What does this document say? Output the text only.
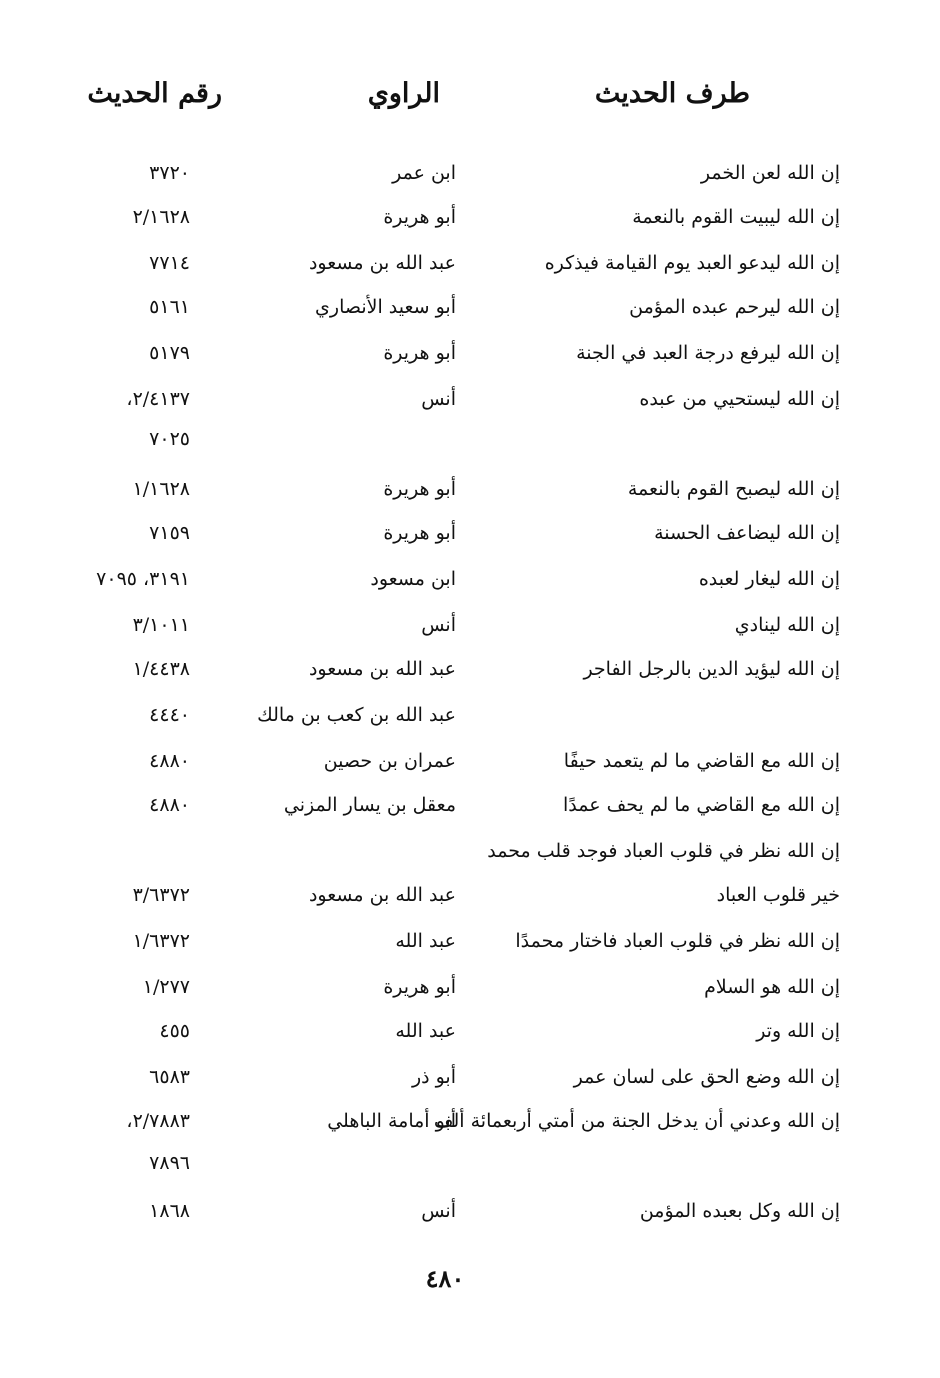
طرف الحديث
الراوي
رقم الحديث
إن الله لعن الخمر
ابن عمر
٣٧٢٠
إن الله ليبيت القوم بالنعمة
أبو هريرة
٢/١٦٢٨
إن الله ليدعو العبد يوم القيامة فيذكره
عبد الله بن مسعود
٧٧١٤
إن الله ليرحم عبده المؤمن
أبو سعيد الأنصاري
٥١٦١
إن الله ليرفع درجة العبد في الجنة
أبو هريرة
٥١٧٩
إن الله ليستحيي من عبده
أنس
٢/٤١٣٧،
٧٠٢٥
إن الله ليصبح القوم بالنعمة
أبو هريرة
١/١٦٢٨
إن الله ليضاعف الحسنة
أبو هريرة
٧١٥٩
إن الله ليغار لعبده
ابن مسعود
٣١٩١، ٧٠٩٥
إن الله لينادي
أنس
٣/١٠١١
إن الله ليؤيد الدين بالرجل الفاجر
عبد الله بن مسعود
١/٤٤٣٨
عبد الله بن كعب بن مالك
٤٤٤٠
إن الله مع القاضي ما لم يتعمد حيفًا
عمران بن حصين
٤٨٨٠
إن الله مع القاضي ما لم يحف عمدًا
معقل بن يسار المزني
٤٨٨٠
إن الله نظر في قلوب العباد فوجد قلب محمد
خير قلوب العباد
عبد الله بن مسعود
٣/٦٣٧٢
إن الله نظر في قلوب العباد فاختار محمدًا
عبد الله
١/٦٣٧٢
إن الله هو السلام
أبو هريرة
١/٢٧٧
إن الله وتر
عبد الله
٤٥٥
إن الله وضع الحق على لسان عمر
أبو ذر
٦٥٨٣
إن الله وعدني أن يدخل الجنة من أمتي أربعمائة ألف
أبو أمامة الباهلي
٢/٧٨٨٣،
٧٨٩٦
إن الله وكل بعبده المؤمن
أنس
١٨٦٨
٤٨٠
